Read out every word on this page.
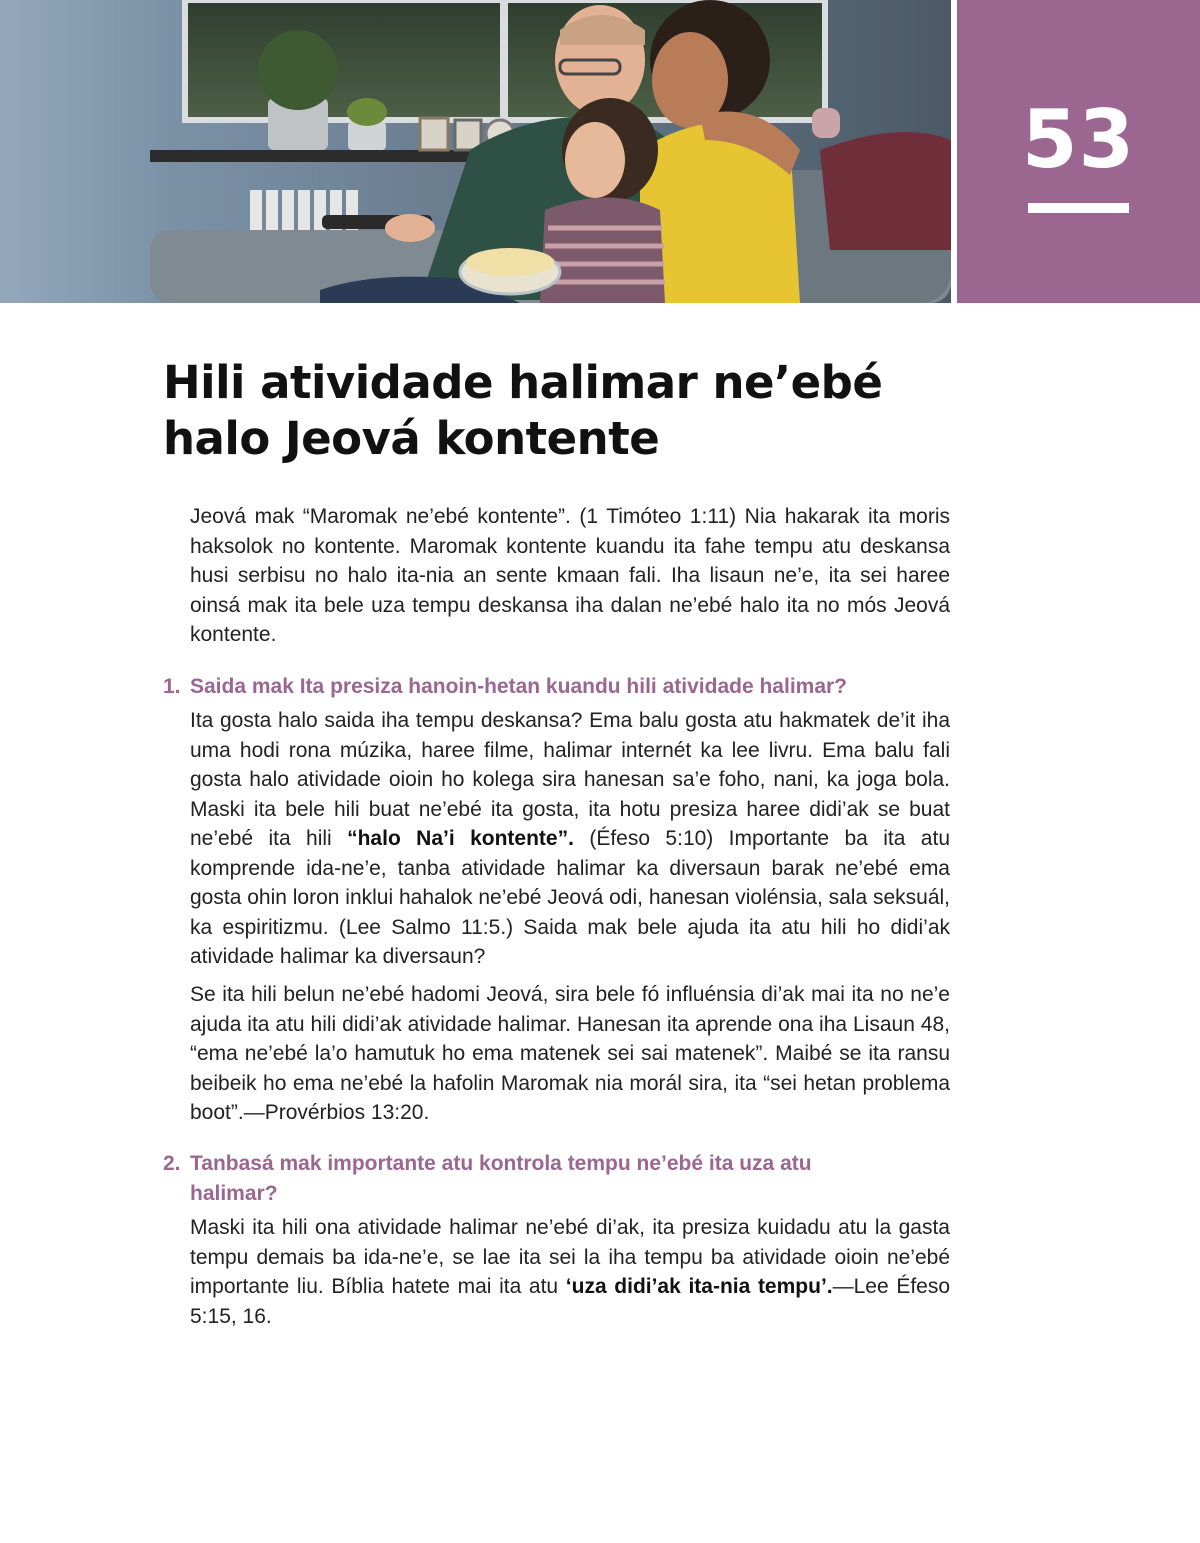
53
Hili atividade halimar ne’ebé halo Jeová kontente

Jeová mak “Maromak ne’ebé kontente”. (1 Timóteo 1:11) Nia hakarak ita moris haksolok no kontente. Maromak kontente kuandu ita fahe tempu atu deskansa husi serbisu no halo ita-nia an sente kmaan fali. Iha lisaun ne’e, ita sei haree oinsá mak ita bele uza tempu deskansa iha dalan ne’ebé halo ita no mós Jeová kontente.

1. Saida mak Ita presiza hanoin-hetan kuandu hili atividade halimar?

Ita gosta halo saida iha tempu deskansa? Ema balu gosta atu hakmatek de’it iha uma hodi rona múzika, haree filme, halimar internét ka lee livru. Ema balu fali gosta halo atividade oioin ho kolega sira hanesan sa’e foho, nani, ka joga bola. Maski ita bele hili buat ne’ebé ita gosta, ita hotu presiza haree didi’ak se buat ne’ebé ita hili “halo Na’i kontente”. (Éfeso 5:10) Importante ba ita atu komprende ida-ne’e, tanba atividade halimar ka diversaun barak ne’ebé ema gosta ohin loron inklui hahalok ne’ebé Jeová odi, hanesan violénsia, sala seksuál, ka espiritizmu. (Lee Salmo 11:5.) Saida mak bele ajuda ita atu hili ho didi’ak atividade halimar ka diversaun?

Se ita hili belun ne’ebé hadomi Jeová, sira bele fó influénsia di’ak mai ita no ne’e ajuda ita atu hili didi’ak atividade halimar. Hanesan ita aprende ona iha Lisaun 48, “ema ne’ebé la’o hamutuk ho ema matenek sei sai matenek”. Maibé se ita ransu beibeik ho ema ne’ebé la hafolin Maromak nia morál sira, ita “sei hetan problema boot”.—Provérbios 13:20.

2. Tanbasá mak importante atu kontrola tempu ne’ebé ita uza atu halimar?

Maski ita hili ona atividade halimar ne’ebé di’ak, ita presiza kuidadu atu la gasta tempu demais ba ida-ne’e, se lae ita sei la iha tempu ba atividade oioin ne’ebé importante liu. Bíblia hatete mai ita atu ‘uza didi’ak ita-nia tempu’.—Lee Éfeso 5:15, 16.
